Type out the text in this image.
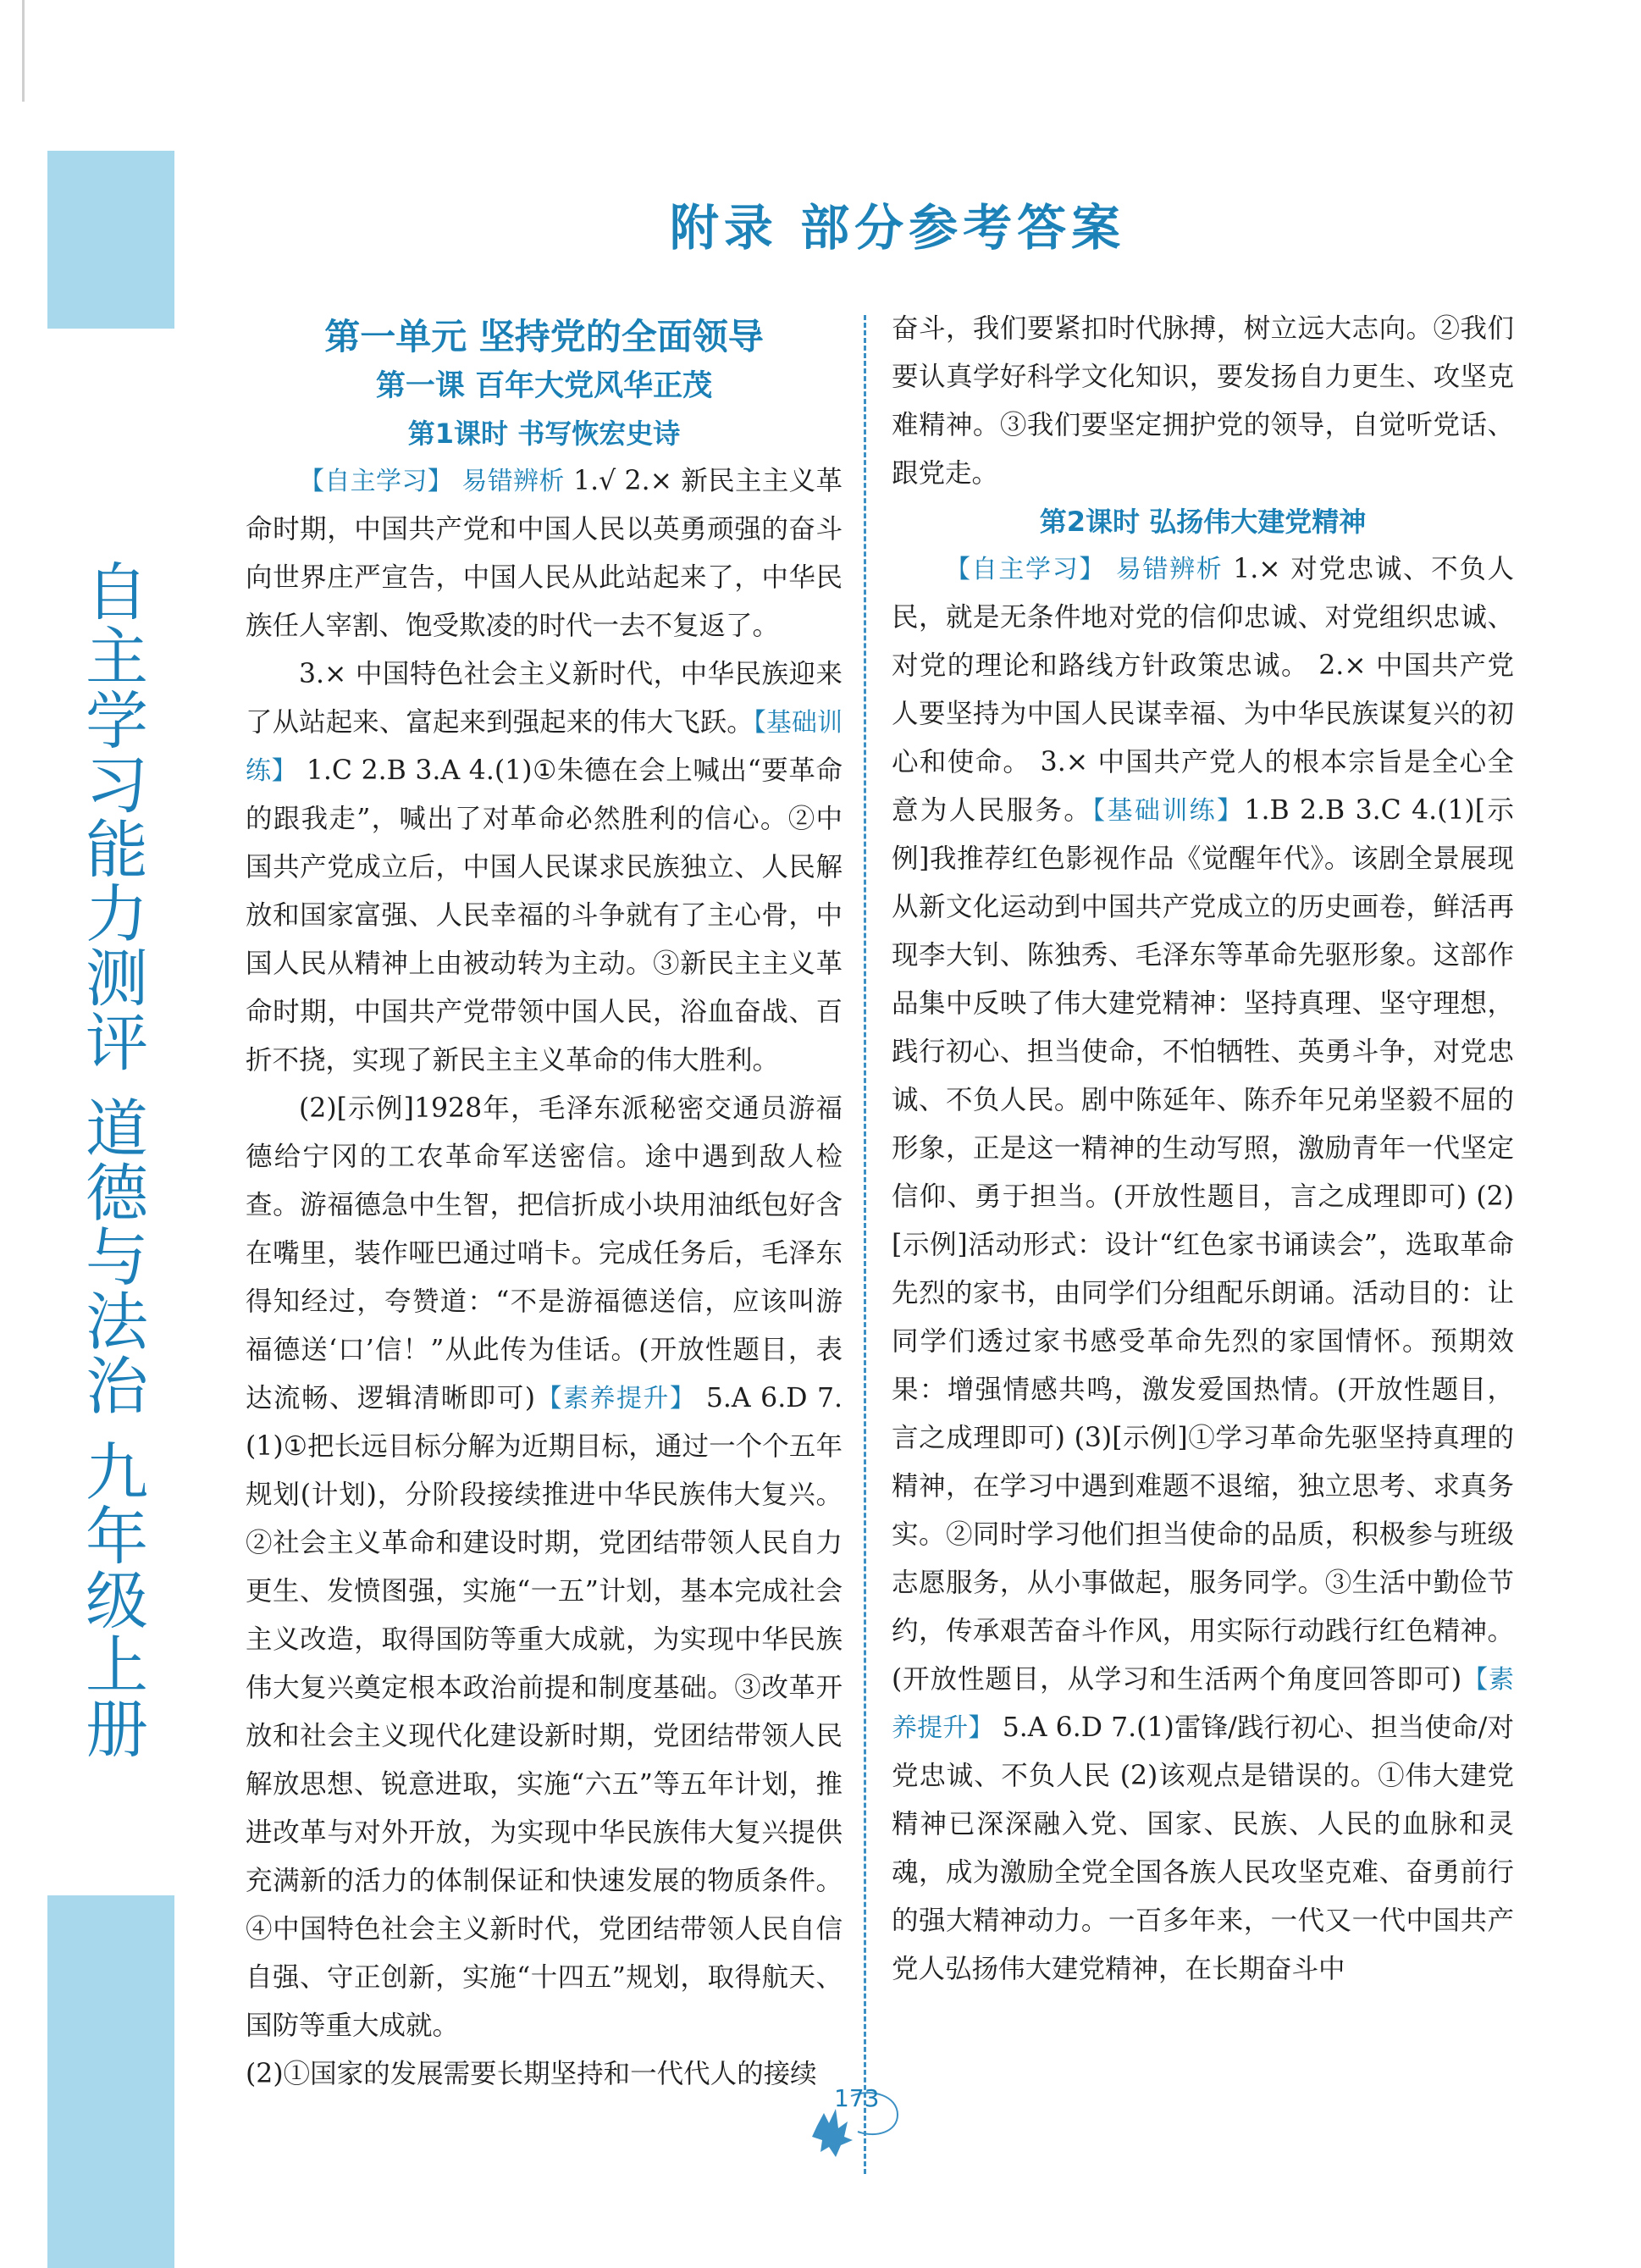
自主学习能力测评 道德与法治 九年级上册
附录 部分参考答案

第一单元 坚持党的全面领导

第一课 百年大党风华正茂

第1课时 书写恢宏史诗

【自主学习】 易错辨析 1.√ 2.× 新民主主义革命时期，中国共产党和中国人民以英勇顽强的奋斗向世界庄严宣告，中国人民从此站起来了，中华民族任人宰割、饱受欺凌的时代一去不复返了。

3.× 中国特色社会主义新时代，中华民族迎来了从站起来、富起来到强起来的伟大飞跃。【基础训练】 1.C 2.B 3.A 4.(1)①朱德在会上喊出“要革命的跟我走”，喊出了对革命必然胜利的信心。②中国共产党成立后，中国人民谋求民族独立、人民解放和国家富强、人民幸福的斗争就有了主心骨，中国人民从精神上由被动转为主动。③新民主主义革命时期，中国共产党带领中国人民，浴血奋战、百折不挠，实现了新民主主义革命的伟大胜利。

(2)[示例]1928年，毛泽东派秘密交通员游福德给宁冈的工农革命军送密信。途中遇到敌人检查。游福德急中生智，把信折成小块用油纸包好含在嘴里，装作哑巴通过哨卡。完成任务后，毛泽东得知经过，夸赞道：“不是游福德送信，应该叫游福德送‘口’信！”从此传为佳话。(开放性题目，表达流畅、逻辑清晰即可)【素养提升】 5.A 6.D 7.(1)①把长远目标分解为近期目标，通过一个个五年规划(计划)，分阶段接续推进中华民族伟大复兴。②社会主义革命和建设时期，党团结带领人民自力更生、发愤图强，实施“一五”计划，基本完成社会主义改造，取得国防等重大成就，为实现中华民族伟大复兴奠定根本政治前提和制度基础。③改革开放和社会主义现代化建设新时期，党团结带领人民解放思想、锐意进取，实施“六五”等五年计划，推进改革与对外开放，为实现中华民族伟大复兴提供充满新的活力的体制保证和快速发展的物质条件。④中国特色社会主义新时代，党团结带领人民自信自强、守正创新，实施“十四五”规划，取得航天、国防等重大成就。

(2)①国家的发展需要长期坚持和一代代人的接续

奋斗，我们要紧扣时代脉搏，树立远大志向。②我们要认真学好科学文化知识，要发扬自力更生、攻坚克难精神。③我们要坚定拥护党的领导，自觉听党话、跟党走。

第2课时 弘扬伟大建党精神

【自主学习】 易错辨析 1.× 对党忠诚、不负人民，就是无条件地对党的信仰忠诚、对党组织忠诚、对党的理论和路线方针政策忠诚。 2.× 中国共产党人要坚持为中国人民谋幸福、为中华民族谋复兴的初心和使命。 3.× 中国共产党人的根本宗旨是全心全意为人民服务。【基础训练】1.B 2.B 3.C 4.(1)[示例]我推荐红色影视作品《觉醒年代》。该剧全景展现从新文化运动到中国共产党成立的历史画卷，鲜活再现李大钊、陈独秀、毛泽东等革命先驱形象。这部作品集中反映了伟大建党精神：坚持真理、坚守理想，践行初心、担当使命，不怕牺牲、英勇斗争，对党忠诚、不负人民。剧中陈延年、陈乔年兄弟坚毅不屈的形象，正是这一精神的生动写照，激励青年一代坚定信仰、勇于担当。(开放性题目，言之成理即可) (2)[示例]活动形式：设计“红色家书诵读会”，选取革命先烈的家书，由同学们分组配乐朗诵。活动目的：让同学们透过家书感受革命先烈的家国情怀。预期效果：增强情感共鸣，激发爱国热情。(开放性题目，言之成理即可) (3)[示例]①学习革命先驱坚持真理的精神，在学习中遇到难题不退缩，独立思考、求真务实。②同时学习他们担当使命的品质，积极参与班级志愿服务，从小事做起，服务同学。③生活中勤俭节约，传承艰苦奋斗作风，用实际行动践行红色精神。(开放性题目，从学习和生活两个角度回答即可)【素养提升】 5.A 6.D 7.(1)雷锋/践行初心、担当使命/对党忠诚、不负人民 (2)该观点是错误的。①伟大建党精神已深深融入党、国家、民族、人民的血脉和灵魂，成为激励全党全国各族人民攻坚克难、奋勇前行的强大精神动力。一百多年来，一代又一代中国共产党人弘扬伟大建党精神，在长期奋斗中

173
